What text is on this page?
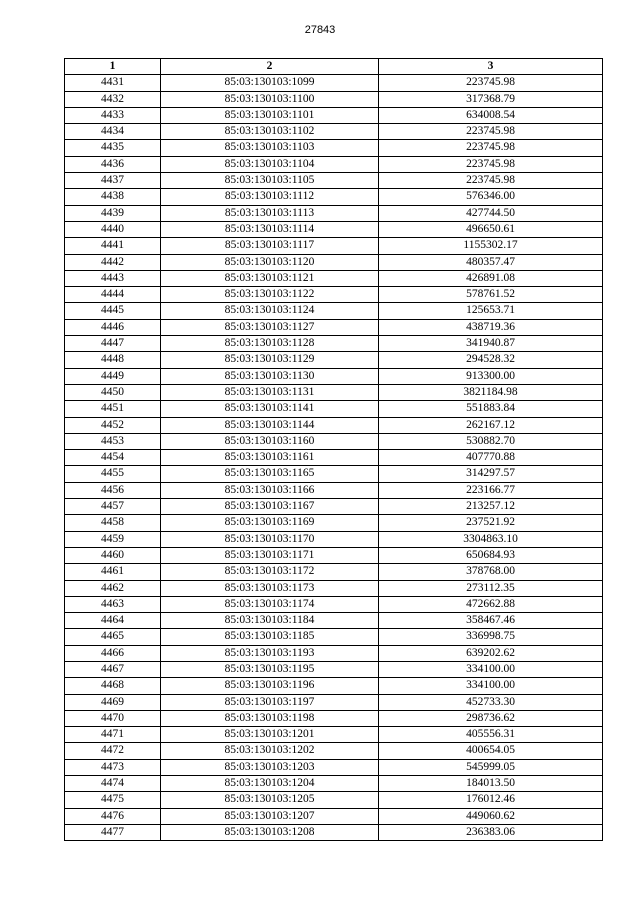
27843
1	2	3
4431	85:03:130103:1099	223745.98
4432	85:03:130103:1100	317368.79
4433	85:03:130103:1101	634008.54
4434	85:03:130103:1102	223745.98
4435	85:03:130103:1103	223745.98
4436	85:03:130103:1104	223745.98
4437	85:03:130103:1105	223745.98
4438	85:03:130103:1112	576346.00
4439	85:03:130103:1113	427744.50
4440	85:03:130103:1114	496650.61
4441	85:03:130103:1117	1155302.17
4442	85:03:130103:1120	480357.47
4443	85:03:130103:1121	426891.08
4444	85:03:130103:1122	578761.52
4445	85:03:130103:1124	125653.71
4446	85:03:130103:1127	438719.36
4447	85:03:130103:1128	341940.87
4448	85:03:130103:1129	294528.32
4449	85:03:130103:1130	913300.00
4450	85:03:130103:1131	3821184.98
4451	85:03:130103:1141	551883.84
4452	85:03:130103:1144	262167.12
4453	85:03:130103:1160	530882.70
4454	85:03:130103:1161	407770.88
4455	85:03:130103:1165	314297.57
4456	85:03:130103:1166	223166.77
4457	85:03:130103:1167	213257.12
4458	85:03:130103:1169	237521.92
4459	85:03:130103:1170	3304863.10
4460	85:03:130103:1171	650684.93
4461	85:03:130103:1172	378768.00
4462	85:03:130103:1173	273112.35
4463	85:03:130103:1174	472662.88
4464	85:03:130103:1184	358467.46
4465	85:03:130103:1185	336998.75
4466	85:03:130103:1193	639202.62
4467	85:03:130103:1195	334100.00
4468	85:03:130103:1196	334100.00
4469	85:03:130103:1197	452733.30
4470	85:03:130103:1198	298736.62
4471	85:03:130103:1201	405556.31
4472	85:03:130103:1202	400654.05
4473	85:03:130103:1203	545999.05
4474	85:03:130103:1204	184013.50
4475	85:03:130103:1205	176012.46
4476	85:03:130103:1207	449060.62
4477	85:03:130103:1208	236383.06
